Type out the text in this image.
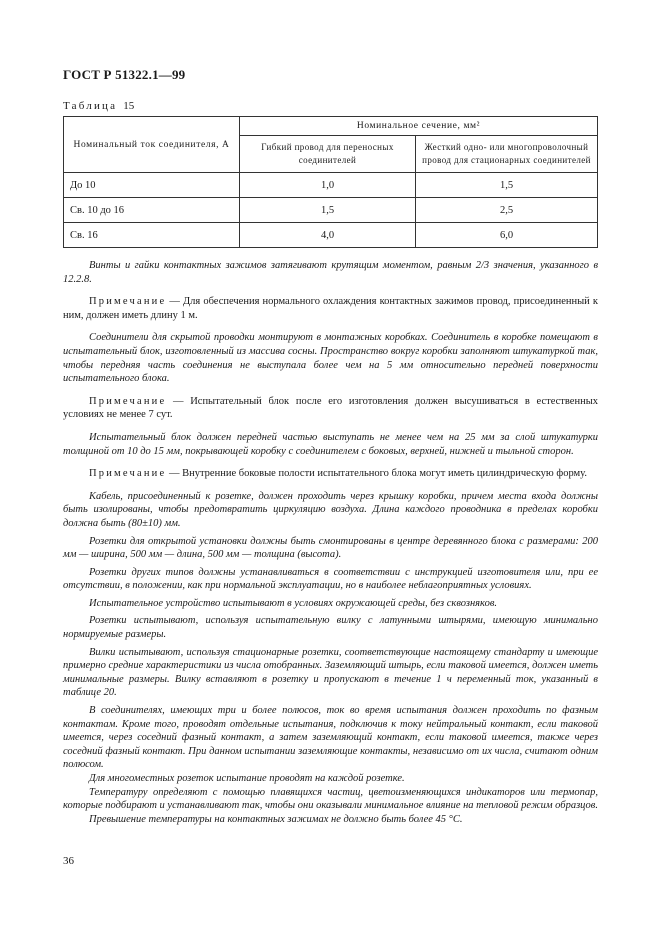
ГОСТ Р 51322.1—99
Таблица 15
Номинальный ток соединителя, А	Номинальное сечение, мм²	
	Гибкий провод для переносных соединителей	Жесткий одно- или многопроволочный провод для стационарных соединителей
До 10	1,0	1,5
Св. 10 до 16	1,5	2,5
Св. 16	4,0	6,0

Винты и гайки контактных зажимов затягивают крутящим моментом, равным 2/3 значения, указанного в 12.2.8.

Примечание — Для обеспечения нормального охлаждения контактных зажимов провод, присоединенный к ним, должен иметь длину 1 м.

Соединители для скрытой проводки монтируют в монтажных коробках. Соединитель в коробке помещают в испытательный блок, изготовленный из массива сосны. Пространство вокруг коробки заполняют штукатуркой так, чтобы передняя часть соединения не выступала более чем на 5 мм относительно передней поверхности испытательного блока.

Примечание — Испытательный блок после его изготовления должен высушиваться в естественных условиях не менее 7 сут.

Испытательный блок должен передней частью выступать не менее чем на 25 мм за слой штукатурки толщиной от 10 до 15 мм, покрывающей коробку с соединителем с боковых, верхней, нижней и тыльной сторон.

Примечание — Внутренние боковые полости испытательного блока могут иметь цилиндрическую форму.

Кабель, присоединенный к розетке, должен проходить через крышку коробки, причем места входа должны быть изолированы, чтобы предотвратить циркуляцию воздуха. Длина каждого проводника в пределах коробки должна быть (80±10) мм.

Розетки для открытой установки должны быть смонтированы в центре деревянного блока с размерами: 200 мм — ширина, 500 мм — длина, 500 мм — толщина (высота).

Розетки других типов должны устанавливаться в соответствии с инструкцией изготовителя или, при ее отсутствии, в положении, как при нормальной эксплуатации, но в наиболее неблагоприятных условиях.

Испытательное устройство испытывают в условиях окружающей среды, без сквозняков.

Розетки испытывают, используя испытательную вилку с латунными штырями, имеющую минимально нормируемые размеры.

Вилки испытывают, используя стационарные розетки, соответствующие настоящему стандарту и имеющие примерно средние характеристики из числа отобранных. Заземляющий штырь, если таковой имеется, должен иметь минимальные размеры. Вилку вставляют в розетку и пропускают в течение 1 ч переменный ток, указанный в таблице 20.

В соединителях, имеющих три и более полюсов, ток во время испытания должен проходить по фазным контактам. Кроме того, проводят отдельные испытания, подключив к току нейтральный контакт, если таковой имеется, через соседний фазный контакт, а затем заземляющий контакт, если таковой имеется, также через соседний фазный контакт. При данном испытании заземляющие контакты, независимо от их числа, считают одним полюсом.

Для многоместных розеток испытание проводят на каждой розетке.

Температуру определяют с помощью плавящихся частиц, цветоизменяющихся индикаторов или термопар, которые подбирают и устанавливают так, чтобы они оказывали минимальное влияние на тепловой режим образцов.

Превышение температуры на контактных зажимах не должно быть более 45 °С.

36
